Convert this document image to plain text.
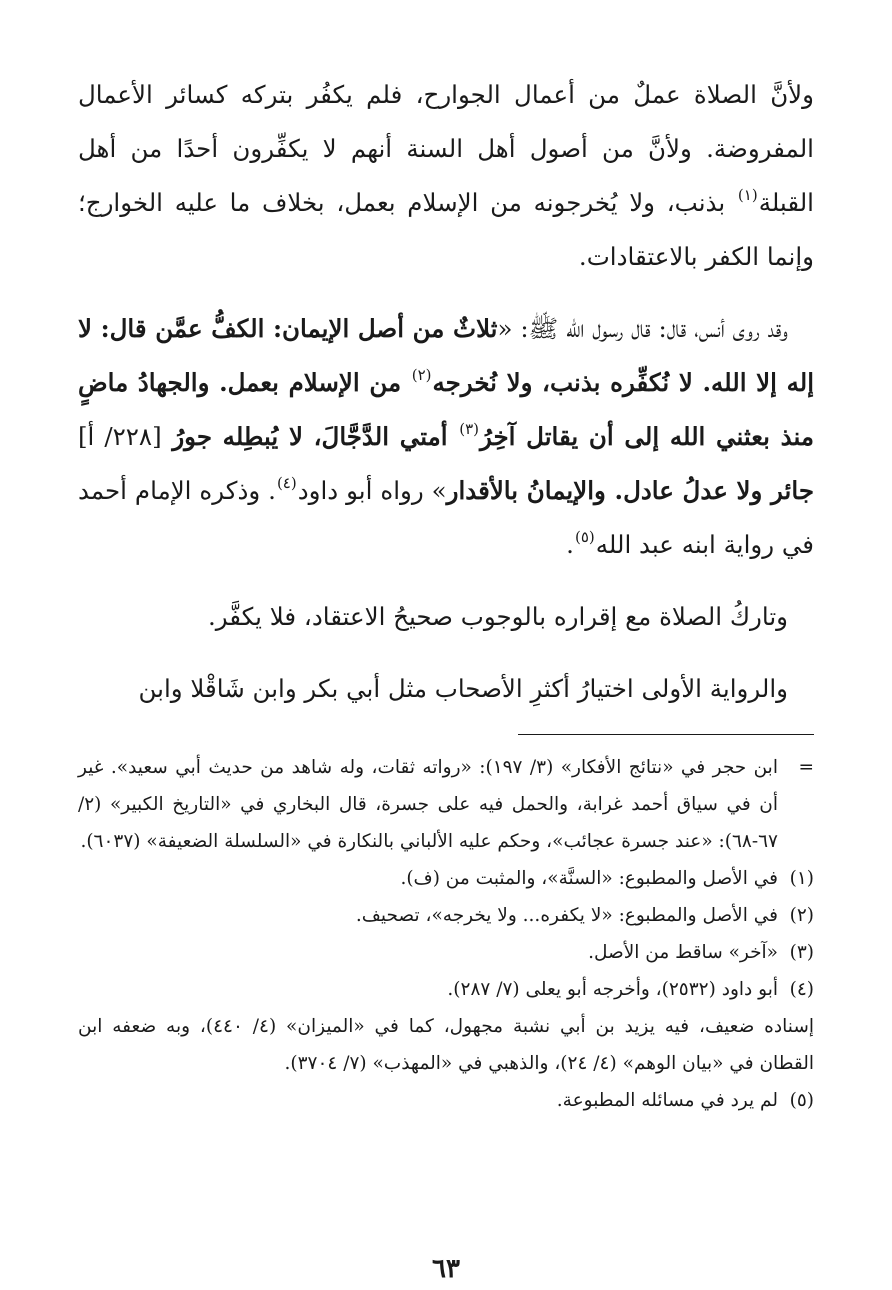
ولأنَّ الصلاة عملٌ من أعمال الجوارح، فلم يكفُر بتركه كسائر الأعمال المفروضة. ولأنَّ من أصول أهل السنة أنهم لا يكفِّرون أحدًا من أهل القبلة$^{(١)}$ بذنب، ولا يُخرجونه من الإسلام بعمل، بخلاف ما عليه الخوارج؛ وإنما الكفر بالاعتقادات.

وقد روى أنس، قال: قال رسول الله ﷺ: «ثلاثٌ من أصل الإيمان: الكفُّ عمَّن قال: لا إله إلا الله. لا نُكفِّره بذنب، ولا نُخرجه$^{(٢)}$ من الإسلام بعمل. والجهادُ ماضٍ منذ بعثني الله إلى أن يقاتل آخِرُ$^{(٣)}$ أمتي الدَّجَّالَ، لا يُبطِله جورُ [٢٢٨/ أ] جائر ولا عدلُ عادل. والإيمانُ بالأقدار» رواه أبو داود$^{(٤)}$. وذكره الإمام أحمد في رواية ابنه عبد الله$^{(٥)}$.

وتاركُ الصلاة مع إقراره بالوجوب صحيحُ الاعتقاد، فلا يكفَّر.

والرواية الأولى اختيارُ أكثرِ الأصحاب مثل أبي بكر وابن شَاقْلا وابن

=
ابن حجر في «نتائج الأفكار» (٣/ ١٩٧): «رواته ثقات، وله شاهد من حديث أبي سعيد». غير أن في سياق أحمد غرابة، والحمل فيه على جسرة، قال البخاري في «التاريخ الكبير» (٢/ ٦٧-٦٨): «عند جسرة عجائب»، وحكم عليه الألباني بالنكارة في «السلسلة الضعيفة» (٦٠٣٧).
(١)
في الأصل والمطبوع: «السنَّة»، والمثبت من (ف).
(٢)
في الأصل والمطبوع: «لا يكفره... ولا يخرجه»، تصحيف.
(٣)
«آخر» ساقط من الأصل.
(٤)
أبو داود (٢٥٣٢)، وأخرجه أبو يعلى (٧/ ٢٨٧).

إسناده ضعيف، فيه يزيد بن أبي نشبة مجهول، كما في «الميزان» (٤/ ٤٤٠)، وبه ضعفه ابن القطان في «بيان الوهم» (٤/ ٢٤)، والذهبي في «المهذب» (٧/ ٣٧٠٤).

(٥)
لم يرد في مسائله المطبوعة.
٦٣
